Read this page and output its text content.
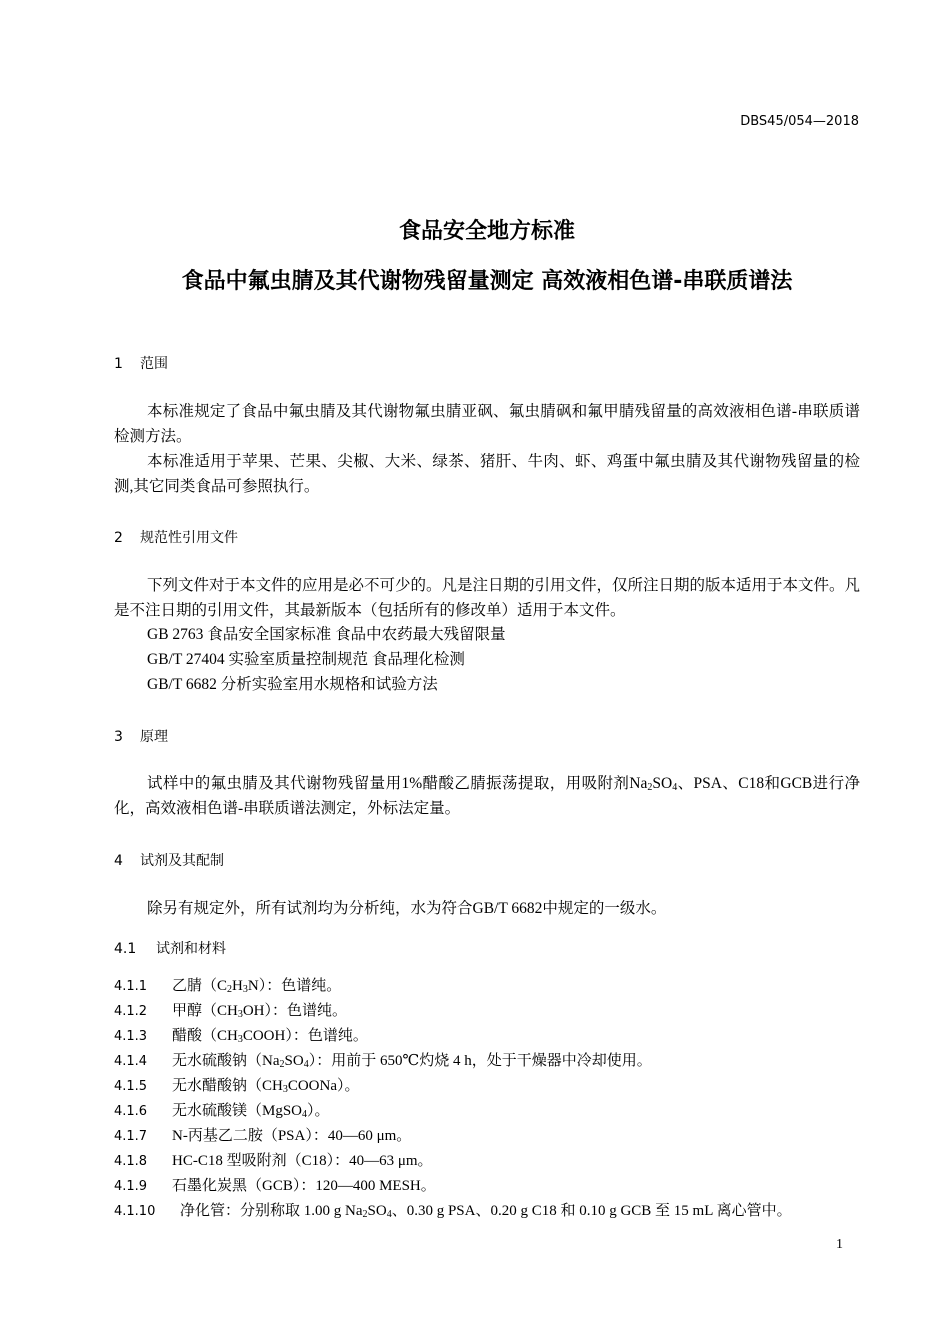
DBS45/054—2018
食品安全地方标准
食品中氟虫腈及其代谢物残留量测定 高效液相色谱-串联质谱法
1 范围
本标准规定了食品中氟虫腈及其代谢物氟虫腈亚砜、氟虫腈砜和氟甲腈残留量的高效液相色谱-串联质谱检测方法。
本标准适用于苹果、芒果、尖椒、大米、绿茶、猪肝、牛肉、虾、鸡蛋中氟虫腈及其代谢物残留量的检测,其它同类食品可参照执行。
2 规范性引用文件
下列文件对于本文件的应用是必不可少的。凡是注日期的引用文件，仅所注日期的版本适用于本文件。凡是不注日期的引用文件，其最新版本（包括所有的修改单）适用于本文件。
GB 2763 食品安全国家标准 食品中农药最大残留限量
GB/T 27404 实验室质量控制规范 食品理化检测
GB/T 6682 分析实验室用水规格和试验方法
3 原理
试样中的氟虫腈及其代谢物残留量用1%醋酸乙腈振荡提取，用吸附剂$Na_2SO_4$、PSA、C18和GCB进行净化，高效液相色谱-串联质谱法测定，外标法定量。
4 试剂及其配制
除另有规定外，所有试剂均为分析纯，水为符合GB/T 6682中规定的一级水。
4.1 试剂和材料
4.1.1 乙腈$(C_2H_3N)$：色谱纯。
4.1.2 甲醇$(CH_3OH)$：色谱纯。
4.1.3 醋酸$(CH_3COOH)$：色谱纯。
4.1.4 无水硫酸钠$(Na_2SO_4)$：用前于 650℃灼烧 4 h，处于干燥器中冷却使用。
4.1.5 无水醋酸钠$(CH_3COONa)$。
4.1.6 无水硫酸镁（MgSO$_4$）。
4.1.7 N-丙基乙二胺（PSA）：40—60 μm。
4.1.8 HC-C18 型吸附剂（C18）：40—63 μm。
4.1.9 石墨化炭黑（GCB）：120—400 MESH。
4.1.10 净化管：分别称取 1.00 g $Na_2SO_4$、0.30 g PSA、0.20 g C18 和 0.10 g GCB 至 15 mL 离心管中。
1
